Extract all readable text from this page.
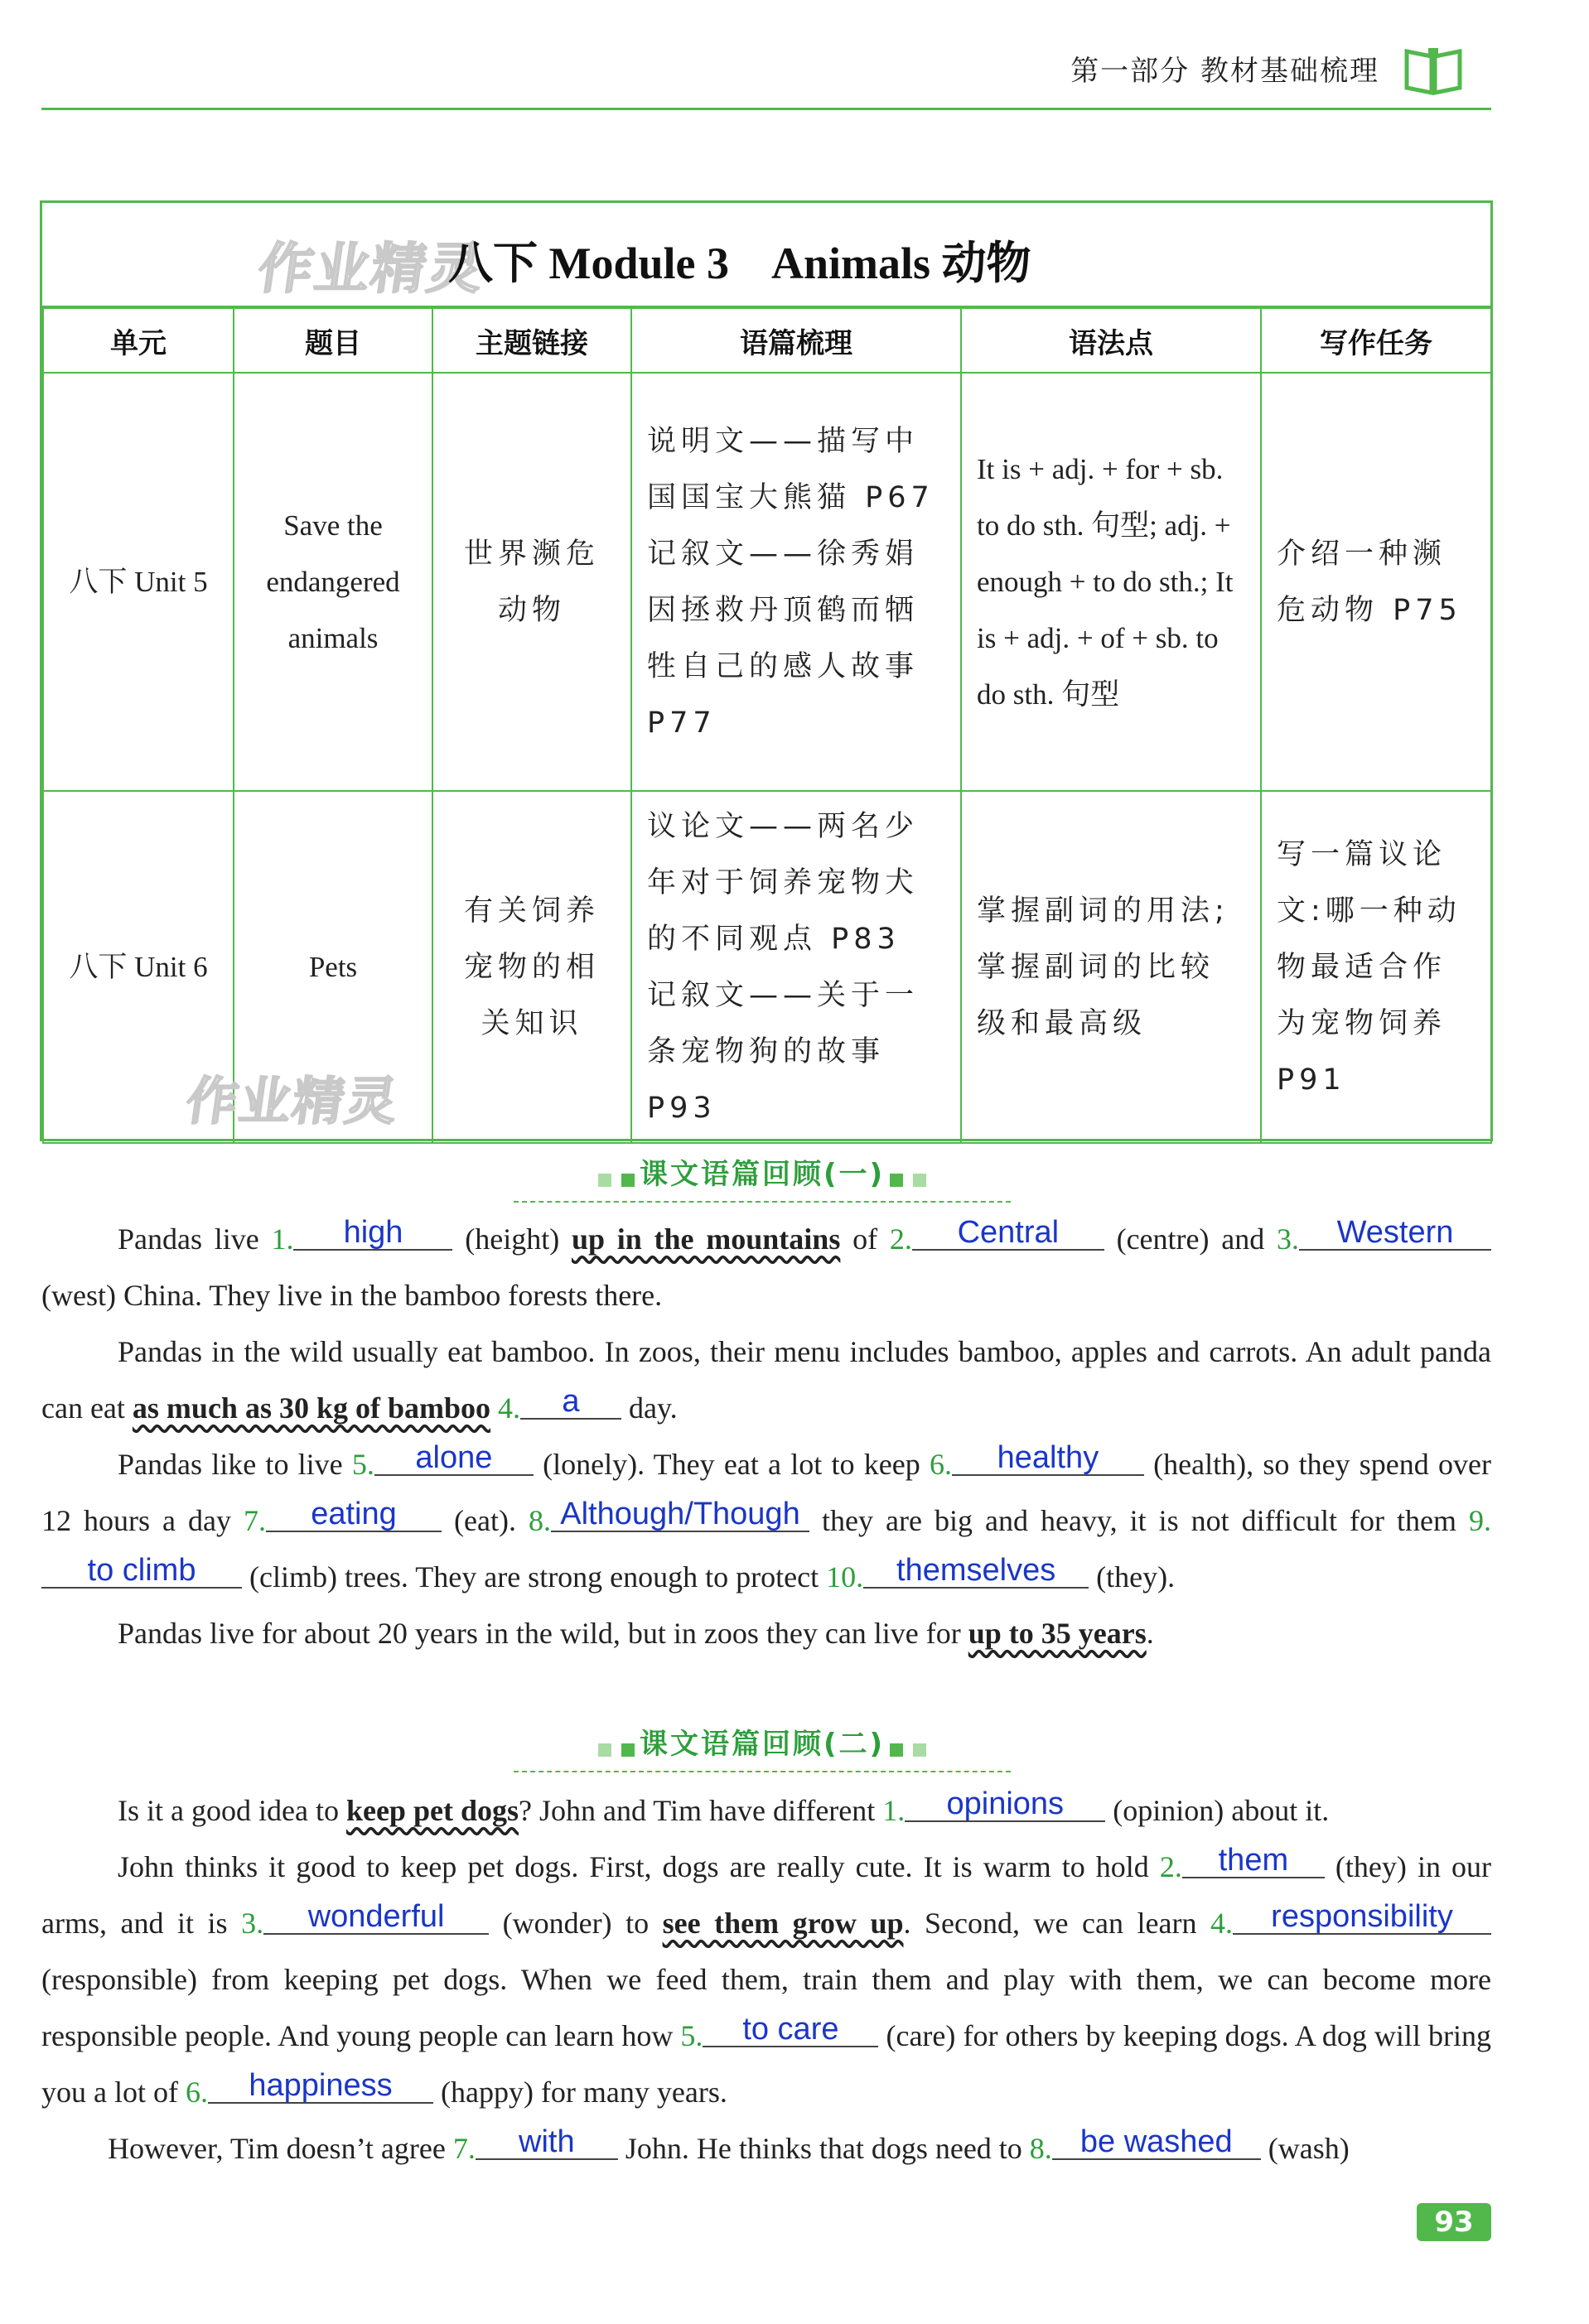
第一部分 教材基础梳理
作业精灵
八下 Module 3    Animals 动物
单元	题目	主题链接	语篇梳理	语法点	写作任务
八下 Unit 5	Save the endangered animals	世界濒危动物	说明文——描写中国国宝大熊猫 P67 记叙文——徐秀娟因拯救丹顶鹤而牺牲自己的感人故事 P77	It is + adj. + for + sb. to do sth. 句型; adj. + enough + to do sth.; It is + adj. + of + sb. to do sth. 句型	介绍一种濒危动物 P75
八下 Unit 6	Pets	有关饲养宠物的相关知识	议论文——两名少年对于饲养宠物犬的不同观点 P83 记叙文——关于一条宠物狗的故事 P93	掌握副词的用法;掌握副词的比较级和最高级	写一篇议论文:哪一种动物最适合作为宠物饲养 P91
作业精灵
课文语篇回顾(一)

Pandas live 1. high (height) up in the mountains of 2. Central (centre) and 3. Western (west) China. They live in the bamboo forests there.

Pandas in the wild usually eat bamboo. In zoos, their menu includes bamboo, apples and carrots. An adult panda can eat as much as 30 kg of bamboo 4. a day.

Pandas like to live 5. alone (lonely). They eat a lot to keep 6. healthy (health), so they spend over 12 hours a day 7. eating (eat). 8. Although/Though they are big and heavy, it is not difficult for them 9.to climb (climb) trees. They are strong enough to protect 10. themselves (they).

Pandas live for about 20 years in the wild, but in zoos they can live for up to 35 years.

课文语篇回顾(二)

Is it a good idea to keep pet dogs? John and Tim have different 1. opinions (opinion) about it.

John thinks it good to keep pet dogs. First, dogs are really cute. It is warm to hold 2. them (they) in our arms, and it is 3. wonderful (wonder) to see them grow up. Second, we can learn 4. responsibility (responsible) from keeping pet dogs. When we feed them, train them and play with them, we can become more responsible people. And young people can learn how 5. to care (care) for others by keeping dogs. A dog will bring you a lot of 6. happiness (happy) for many years.

However, Tim doesn’t agree 7. with John. He thinks that dogs need to 8. be washed (wash)

93
